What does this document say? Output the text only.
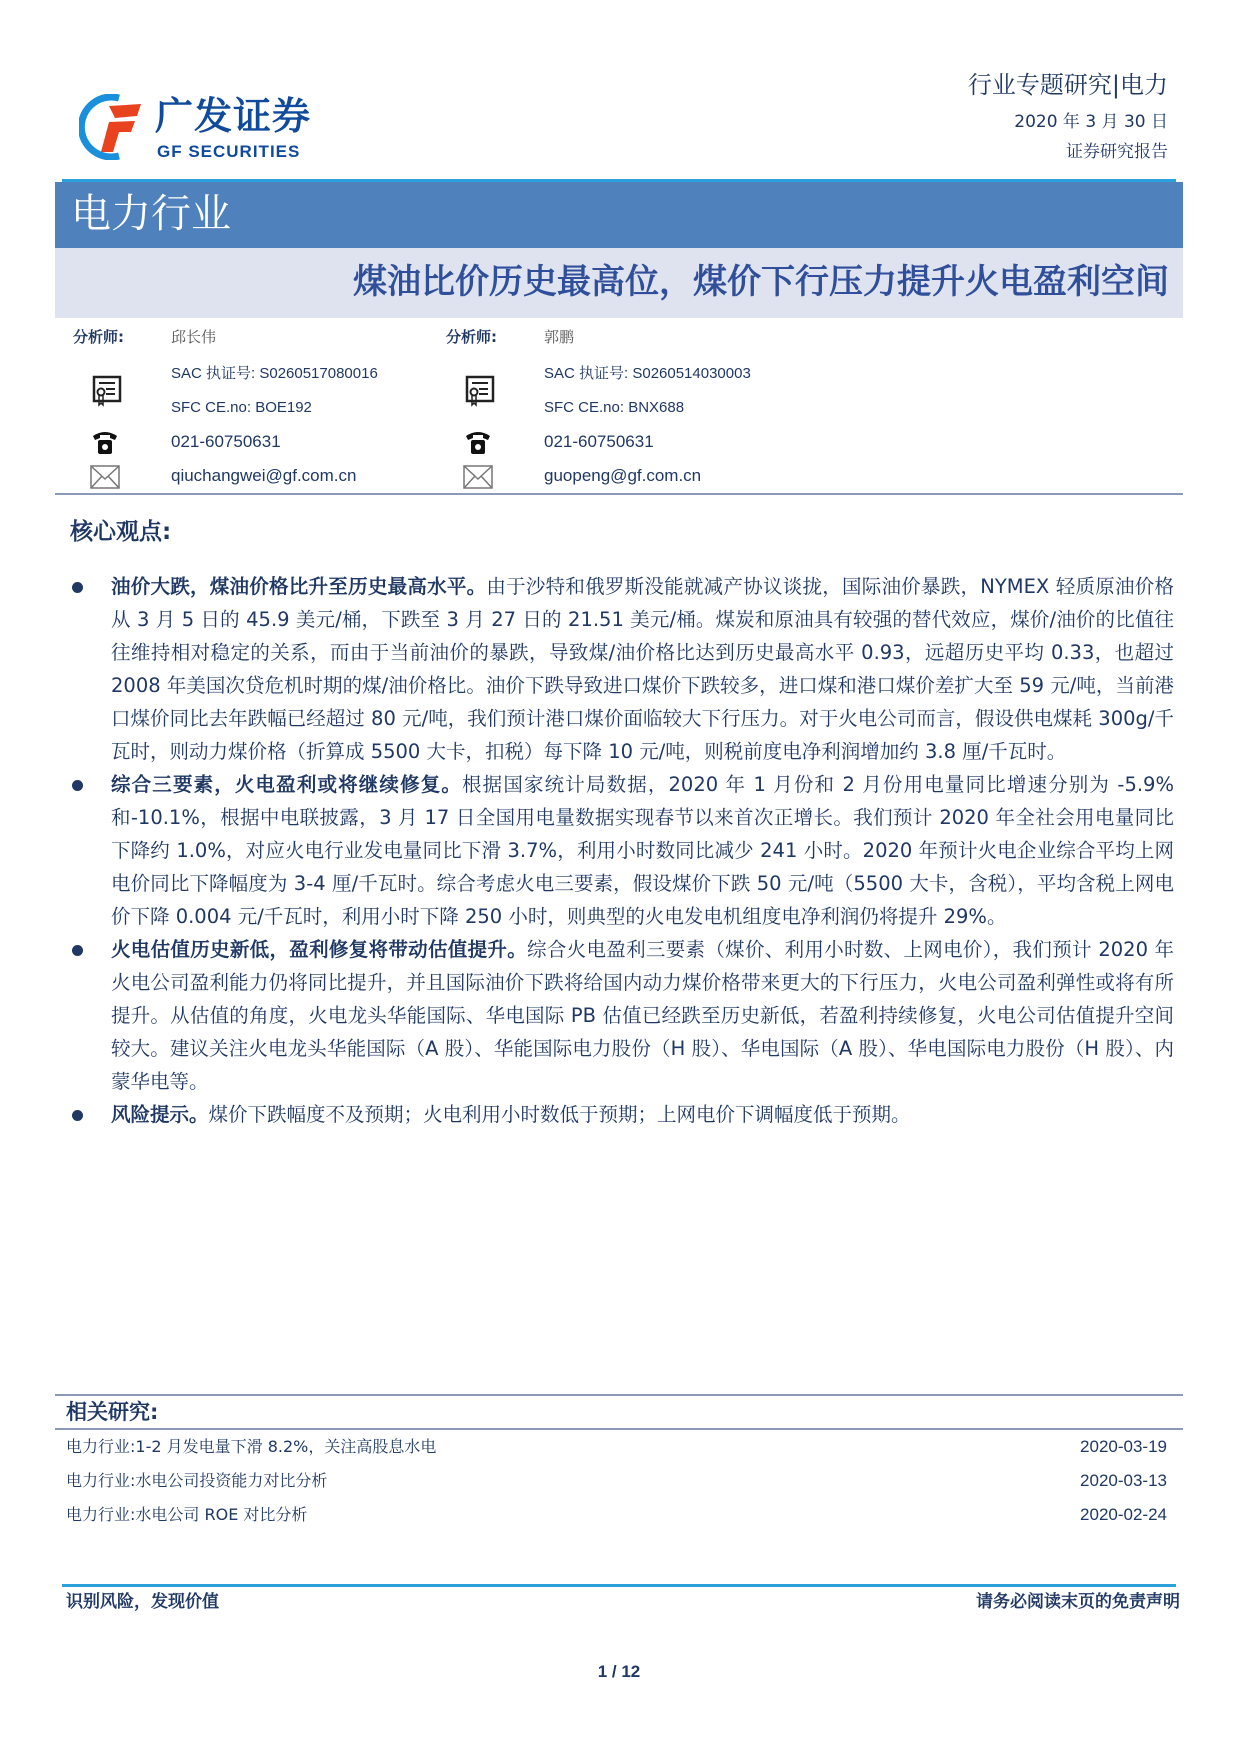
广发证券
GF SECURITIES
行业专题研究|电力
2020 年 3 月 30 日
证券研究报告
电力行业
煤油比价历史最高位，煤价下行压力提升火电盈利空间
分析师:	邱长伟
SAC 执证号: S0260517080016
SFC CE.no: BOE192
021-60750631
qiuchangwei@gf.com.cn
分析师:	郭鹏
SAC 执证号: S0260514030003
SFC CE.no: BNX688
021-60750631
guopeng@gf.com.cn
核心观点:
油价大跌，煤油价格比升至历史最高水平。由于沙特和俄罗斯没能就减产协议谈拢，国际油价暴跌，NYMEX 轻质原油价格从 3 月 5 日的 45.9 美元/桶，下跌至 3 月 27 日的 21.51 美元/桶。煤炭和原油具有较强的替代效应，煤价/油价的比值往往维持相对稳定的关系，而由于当前油价的暴跌，导致煤/油价格比达到历史最高水平 0.93，远超历史平均 0.33，也超过 2008 年美国次贷危机时期的煤/油价格比。油价下跌导致进口煤价下跌较多，进口煤和港口煤价差扩大至 59 元/吨，当前港口煤价同比去年跌幅已经超过 80 元/吨，我们预计港口煤价面临较大下行压力。对于火电公司而言，假设供电煤耗 300g/千瓦时，则动力煤价格（折算成 5500 大卡，扣税）每下降 10 元/吨，则税前度电净利润增加约 3.8 厘/千瓦时。
综合三要素，火电盈利或将继续修复。根据国家统计局数据，2020 年 1 月份和 2 月份用电量同比增速分别为 -5.9%和-10.1%，根据中电联披露，3 月 17 日全国用电量数据实现春节以来首次正增长。我们预计 2020 年全社会用电量同比下降约 1.0%，对应火电行业发电量同比下滑 3.7%，利用小时数同比减少 241 小时。2020 年预计火电企业综合平均上网电价同比下降幅度为 3-4 厘/千瓦时。综合考虑火电三要素，假设煤价下跌 50 元/吨（5500 大卡，含税），平均含税上网电价下降 0.004 元/千瓦时，利用小时下降 250 小时，则典型的火电发电机组度电净利润仍将提升 29%。
火电估值历史新低，盈利修复将带动估值提升。综合火电盈利三要素（煤价、利用小时数、上网电价），我们预计 2020 年火电公司盈利能力仍将同比提升，并且国际油价下跌将给国内动力煤价格带来更大的下行压力，火电公司盈利弹性或将有所提升。从估值的角度，火电龙头华能国际、华电国际 PB 估值已经跌至历史新低，若盈利持续修复，火电公司估值提升空间较大。建议关注火电龙头华能国际（A 股）、华能国际电力股份（H 股）、华电国际（A 股）、华电国际电力股份（H 股）、内蒙华电等。
风险提示。煤价下跌幅度不及预期；火电利用小时数低于预期；上网电价下调幅度低于预期。
相关研究:
电力行业:1-2 月发电量下滑 8.2%，关注高股息水电	2020-03-19
电力行业:水电公司投资能力对比分析	2020-03-13
电力行业:水电公司 ROE 对比分析	2020-02-24
识别风险，发现价值	请务必阅读末页的免责声明
1 / 12
